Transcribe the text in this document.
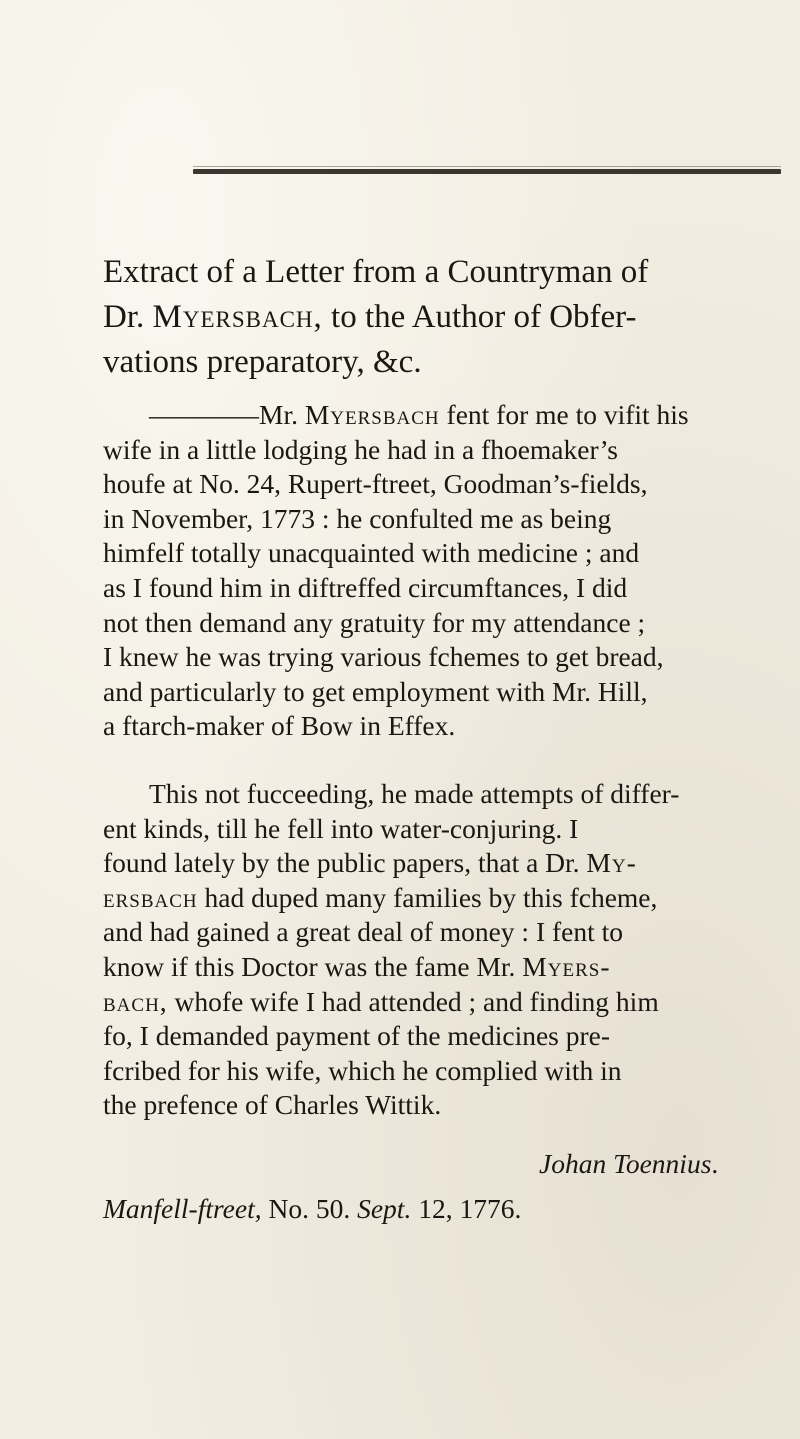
Extract of a Letter from a Countryman of
Dr. Myersbach, to the Author of Obfer-
vations preparatory, &c.

————Mr. Myersbach fent for me to vifit his
wife in a little lodging he had in a fhoemaker’s
houfe at No. 24, Rupert-ftreet, Goodman’s-fields,
in November, 1773 : he confulted me as being
himfelf totally unacquainted with medicine ; and
as I found him in diftreffed circumftances, I did
not then demand any gratuity for my attendance ;
I knew he was trying various fchemes to get bread,
and particularly to get employment with Mr. Hill,
a ftarch-maker of Bow in Effex.

This not fucceeding, he made attempts of differ-
ent kinds, till he fell into water-conjuring. I
found lately by the public papers, that a Dr. My-
ersbach had duped many families by this fcheme,
and had gained a great deal of money : I fent to
know if this Doctor was the fame Mr. Myers-
bach, whofe wife I had attended ; and finding him
fo, I demanded payment of the medicines pre-
fcribed for his wife, which he complied with in
the prefence of Charles Wittik.

Johan Toennius.
Manfell-ftreet, No. 50. Sept. 12, 1776.
